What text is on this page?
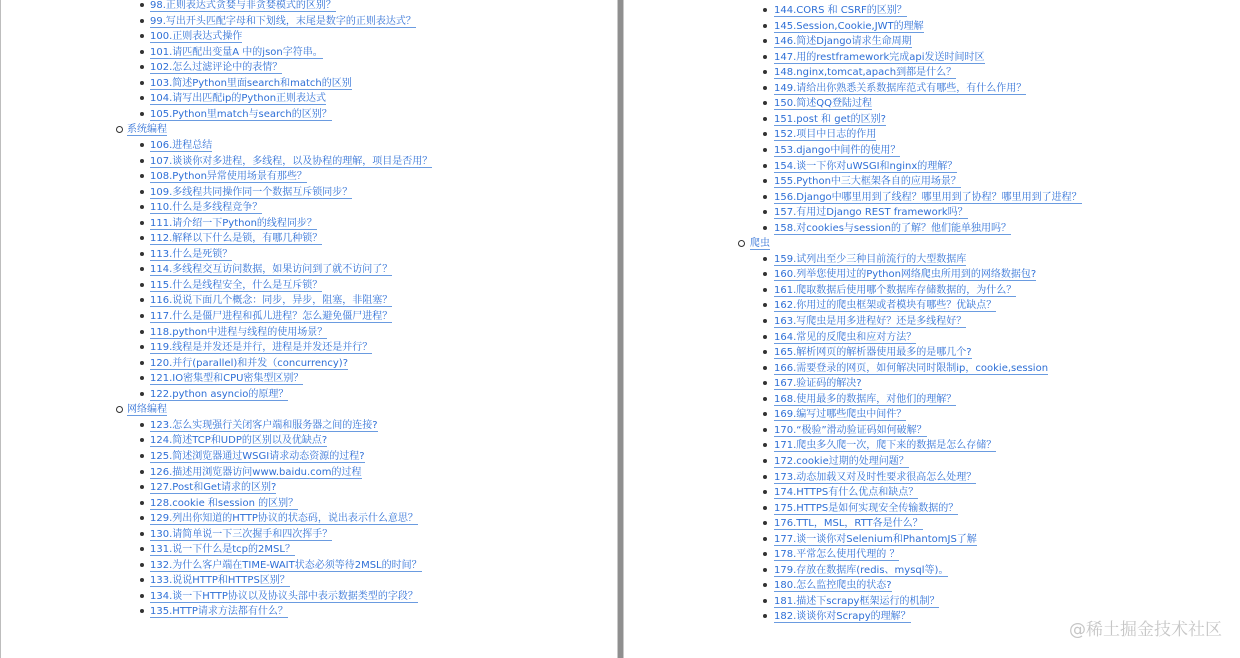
98.正则表达式贪婪与非贪婪模式的区别？
99.写出开头匹配字母和下划线，末尾是数字的正则表达式？
100.正则表达式操作
101.请匹配出变量A 中的json字符串。
102.怎么过滤评论中的表情？
103.简述Python里面search和match的区别
104.请写出匹配ip的Python正则表达式
105.Python里match与search的区别？
系统编程
106.进程总结
107.谈谈你对多进程，多线程，以及协程的理解，项目是否用？
108.Python异常使用场景有那些？
109.多线程共同操作同一个数据互斥锁同步？
110.什么是多线程竞争？
111.请介绍一下Python的线程同步？
112.解释以下什么是锁，有哪几种锁？
113.什么是死锁？
114.多线程交互访问数据，如果访问到了就不访问了？
115.什么是线程安全，什么是互斥锁？
116.说说下面几个概念：同步，异步，阻塞，非阻塞？
117.什么是僵尸进程和孤儿进程？怎么避免僵尸进程？
118.python中进程与线程的使用场景？
119.线程是并发还是并行，进程是并发还是并行？
120.并行(parallel)和并发（concurrency)?
121.IO密集型和CPU密集型区别？
122.python asyncio的原理？
网络编程
123.怎么实现强行关闭客户端和服务器之间的连接?
124.简述TCP和UDP的区别以及优缺点?
125.简述浏览器通过WSGI请求动态资源的过程?
126.描述用浏览器访问www.baidu.com的过程
127.Post和Get请求的区别?
128.cookie 和session 的区别？
129.列出你知道的HTTP协议的状态码，说出表示什么意思？
130.请简单说一下三次握手和四次挥手？
131.说一下什么是tcp的2MSL？
132.为什么客户端在TIME-WAIT状态必须等待2MSL的时间？
133.说说HTTP和HTTPS区别？
134.谈一下HTTP协议以及协议头部中表示数据类型的字段？
135.HTTP请求方法都有什么？
144.CORS 和 CSRF的区别？
145.Session,Cookie,JWT的理解
146.简述Django请求生命周期
147.用的restframework完成api发送时间时区
148.nginx,tomcat,apach到都是什么？
149.请给出你熟悉关系数据库范式有哪些，有什么作用？
150.简述QQ登陆过程
151.post 和 get的区别?
152.项目中日志的作用
153.django中间件的使用？
154.谈一下你对uWSGI和nginx的理解？
155.Python中三大框架各自的应用场景？
156.Django中哪里用到了线程？哪里用到了协程？哪里用到了进程？
157.有用过Django REST framework吗？
158.对cookies与session的了解？他们能单独用吗？
爬虫
159.试列出至少三种目前流行的大型数据库
160.列举您使用过的Python网络爬虫所用到的网络数据包?
161.爬取数据后使用哪个数据库存储数据的，为什么？
162.你用过的爬虫框架或者模块有哪些？优缺点？
163.写爬虫是用多进程好？还是多线程好？
164.常见的反爬虫和应对方法？
165.解析网页的解析器使用最多的是哪几个?
166.需要登录的网页，如何解决同时限制ip，cookie,session
167.验证码的解决?
168.使用最多的数据库，对他们的理解？
169.编写过哪些爬虫中间件？
170.“极验”滑动验证码如何破解？
171.爬虫多久爬一次，爬下来的数据是怎么存储？
172.cookie过期的处理问题？
173.动态加载又对及时性要求很高怎么处理？
174.HTTPS有什么优点和缺点？
175.HTTPS是如何实现安全传输数据的？
176.TTL，MSL，RTT各是什么？
177.谈一谈你对Selenium和PhantomJS了解
178.平常怎么使用代理的 ？
179.存放在数据库(redis、mysql等)。
180.怎么监控爬虫的状态?
181.描述下scrapy框架运行的机制？
182.谈谈你对Scrapy的理解？
@稀土掘金技术社区
